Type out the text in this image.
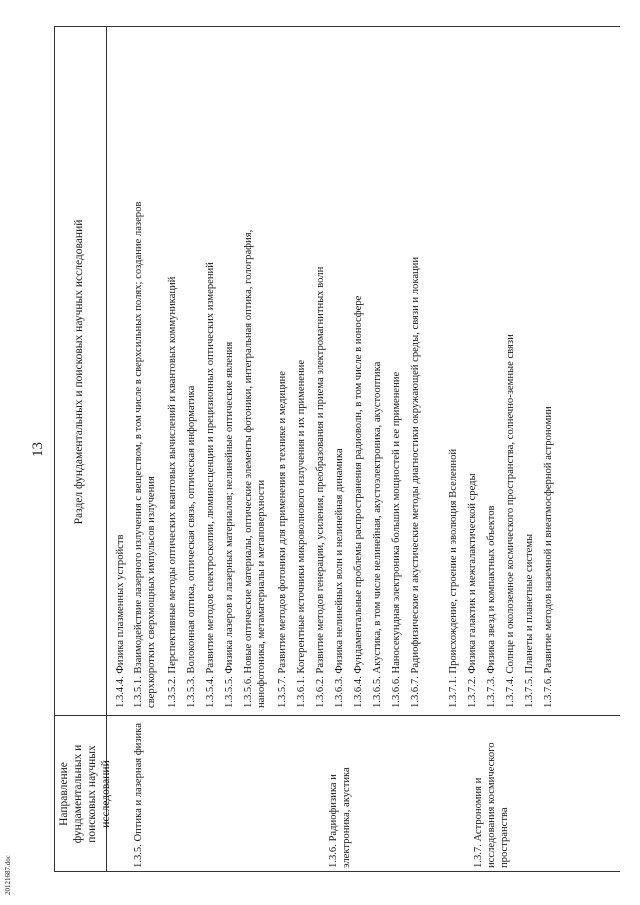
13
Направление фундаментальных и поисковых научных исследований
Раздел фундаментальных и поисковых научных исследований
1.3.5. Оптика и лазерная физика	1.3.6. Радиофизика и электроника, акустика	1.3.7. Астрономия и исследования космического пространства
1.3.4.4. Физика плазменных устройств 1.3.5.1. Взаимодействие лазерного излучения с веществом, в том числе в сверхсильных полях; создание лазеров сверхкоротких сверхмощных импульсов излучения 1.3.5.2. Перспективные методы оптических квантовых вычислений и квантовых коммуникаций 1.3.5.3. Волоконная оптика, оптическая связь, оптическая информатика 1.3.5.4. Развитие методов спектроскопии, люминесценции и прецизионных оптических измерений 1.3.5.5. Физика лазеров и лазерных материалов; нелинейные оптические явления 1.3.5.6. Новые оптические материалы, оптические элементы фотоники, интегральная оптика, голография, нанофотоника, метаматериалы и метаповерхности 1.3.5.7. Развитие методов фотоники для применения в технике и медицине 1.3.6.1. Когерентные источники микроволнового излучения и их применение 1.3.6.2. Развитие методов генерации, усиления, преобразования и приема электромагнитных волн 1.3.6.3. Физика нелинейных волн и нелинейная динамика 1.3.6.4. Фундаментальные проблемы распространения радиоволн, в том числе в ионосфере 1.3.6.5. Акустика, в том числе нелинейная, акустоэлектроника, акустооптика 1.3.6.6. Наносекундная электроника больших мощностей и ее применение 1.3.6.7. Радиофизические и акустические методы диагностики окружающей среды, связи и локации	1.3.7.1. Происхождение, строение и эволюция Вселенной 1.3.7.2. Физика галактик и межгалактической среды 1.3.7.3. Физика звезд и компактных объектов 1.3.7.4. Солнце и околоземное космического пространства, солнечно-земные связи 1.3.7.5. Планеты и планетные системы 1.3.7.6. Развитие методов наземной и внеатмосферной астрономии
20121687.doc
